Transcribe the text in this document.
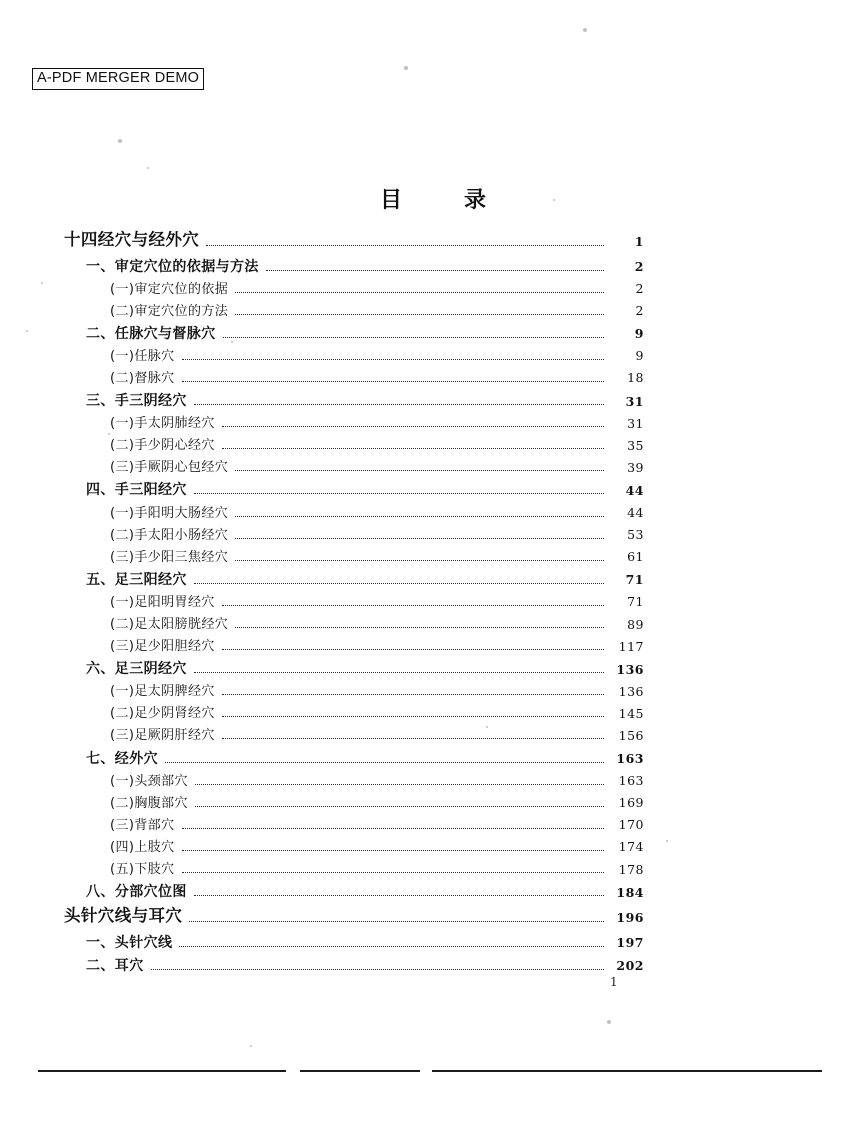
A-PDF MERGER DEMO
目　录
十四经穴与经外穴	1
一、审定穴位的依据与方法	2
(一)审定穴位的依据	2
(二)审定穴位的方法	2
二、任脉穴与督脉穴	9
(一)任脉穴	9
(二)督脉穴	18
三、手三阴经穴	31
(一)手太阴肺经穴	31
(二)手少阴心经穴	35
(三)手厥阴心包经穴	39
四、手三阳经穴	44
(一)手阳明大肠经穴	44
(二)手太阳小肠经穴	53
(三)手少阳三焦经穴	61
五、足三阳经穴	71
(一)足阳明胃经穴	71
(二)足太阳膀胱经穴	89
(三)足少阳胆经穴	117
六、足三阴经穴	136
(一)足太阴脾经穴	136
(二)足少阴肾经穴	145
(三)足厥阴肝经穴	156
七、经外穴	163
(一)头颈部穴	163
(二)胸腹部穴	169
(三)背部穴	170
(四)上肢穴	174
(五)下肢穴	178
八、分部穴位图	184
头针穴线与耳穴	196
一、头针穴线	197
二、耳穴	202
1
